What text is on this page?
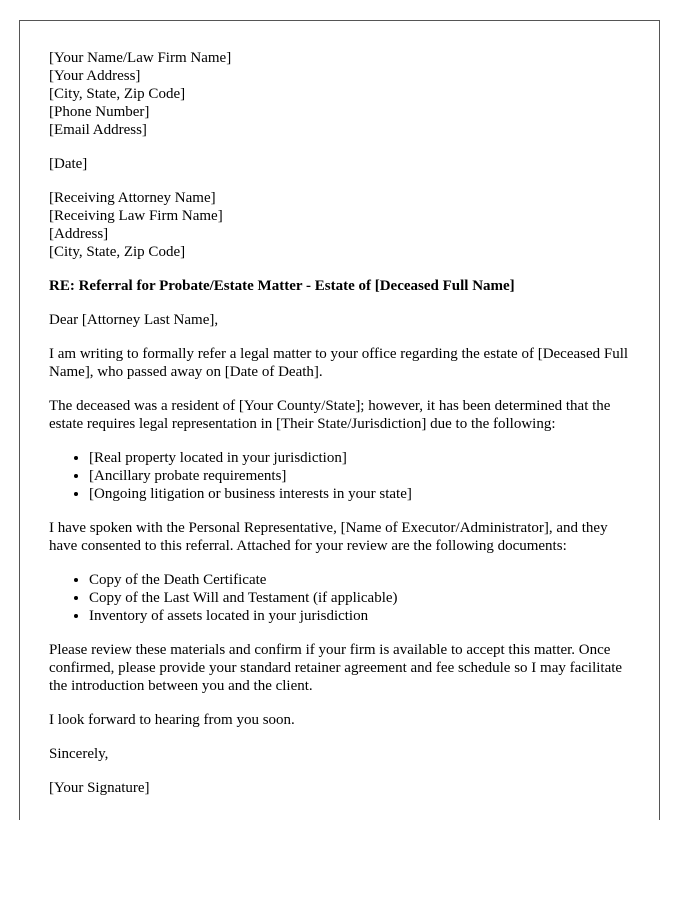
[Your Name/Law Firm Name]
[Your Address]
[City, State, Zip Code]
[Phone Number]
[Email Address]
[Date]
[Receiving Attorney Name]
[Receiving Law Firm Name]
[Address]
[City, State, Zip Code]
RE: Referral for Probate/Estate Matter - Estate of [Deceased Full Name]

Dear [Attorney Last Name],

I am writing to formally refer a legal matter to your office regarding the estate of [Deceased Full Name], who passed away on [Date of Death].

The deceased was a resident of [Your County/State]; however, it has been determined that the estate requires legal representation in [Their State/Jurisdiction] due to the following:

• [Real property located in your jurisdiction]
• [Ancillary probate requirements]
• [Ongoing litigation or business interests in your state]

I have spoken with the Personal Representative, [Name of Executor/Administrator], and they have consented to this referral. Attached for your review are the following documents:

• Copy of the Death Certificate
• Copy of the Last Will and Testament (if applicable)
• Inventory of assets located in your jurisdiction

Please review these materials and confirm if your firm is available to accept this matter. Once confirmed, please provide your standard retainer agreement and fee schedule so I may facilitate the introduction between you and the client.

I look forward to hearing from you soon.

Sincerely,

[Your Signature]
